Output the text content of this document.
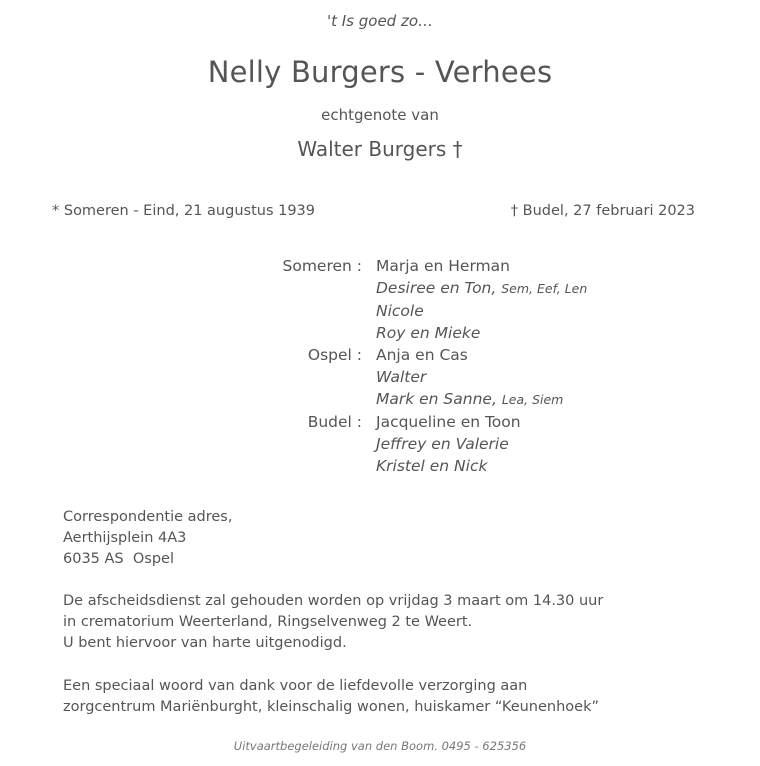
't Is goed zo…
Nelly Burgers - Verhees
echtgenote van
Walter Burgers †
* Someren - Eind, 21 augustus 1939	† Budel, 27 februari 2023
Someren : Marja en Herman
Desiree en Ton, Sem, Eef, Len
Nicole
Roy en Mieke
Ospel : Anja en Cas
Walter
Mark en Sanne, Lea, Siem
Budel : Jacqueline en Toon
Jeffrey en Valerie
Kristel en Nick
Correspondentie adres,
Aerthijsplein 4A3
6035 AS  Ospel
De afscheidsdienst zal gehouden worden op vrijdag 3 maart om 14.30 uur
in crematorium Weerterland, Ringselvenweg 2 te Weert.
U bent hiervoor van harte uitgenodigd.
Een speciaal woord van dank voor de liefdevolle verzorging aan
zorgcentrum Mariënburght, kleinschalig wonen, huiskamer “Keunenhoek”
Uitvaartbegeleiding van den Boom. 0495 - 625356
